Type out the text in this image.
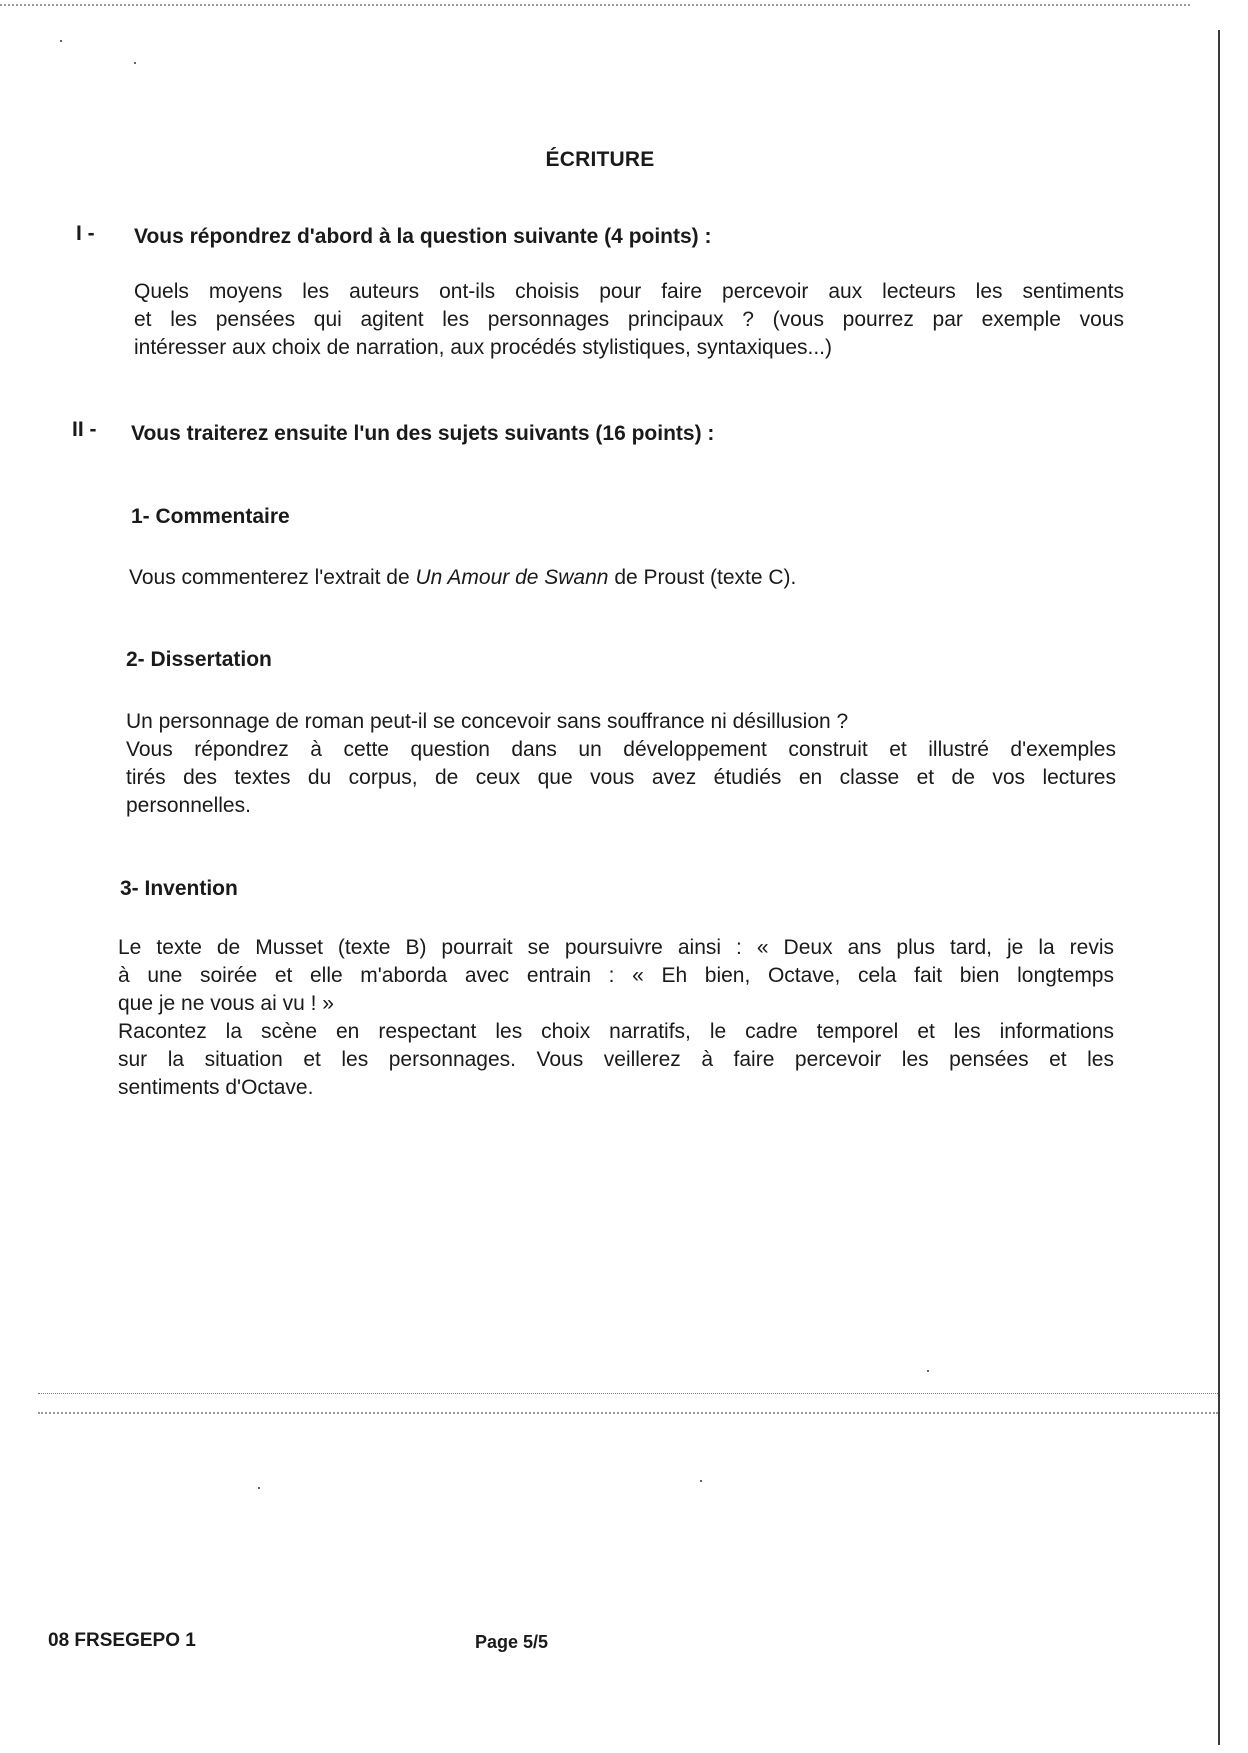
ÉCRITURE
I - Vous répondrez d'abord à la question suivante (4 points) :
Quels moyens les auteurs ont-ils choisis pour faire percevoir aux lecteurs les sentiments
et les pensées qui agitent les personnages principaux ? (vous pourrez par exemple vous
intéresser aux choix de narration, aux procédés stylistiques, syntaxiques...)
II - Vous traiterez ensuite l'un des sujets suivants (16 points) :
1- Commentaire
Vous commenterez l'extrait de Un Amour de Swann de Proust (texte C).
2- Dissertation
Un personnage de roman peut-il se concevoir sans souffrance ni désillusion ?
Vous répondrez à cette question dans un développement construit et illustré d'exemples
tirés des textes du corpus, de ceux que vous avez étudiés en classe et de vos lectures
personnelles.
3- Invention
Le texte de Musset (texte B) pourrait se poursuivre ainsi : « Deux ans plus tard, je la revis
à une soirée et elle m'aborda avec entrain : « Eh bien, Octave, cela fait bien longtemps
que je ne vous ai vu ! »
Racontez la scène en respectant les choix narratifs, le cadre temporel et les informations
sur la situation et les personnages. Vous veillerez à faire percevoir les pensées et les
sentiments d'Octave.
08 FRSEGEPO 1	Page 5/5
